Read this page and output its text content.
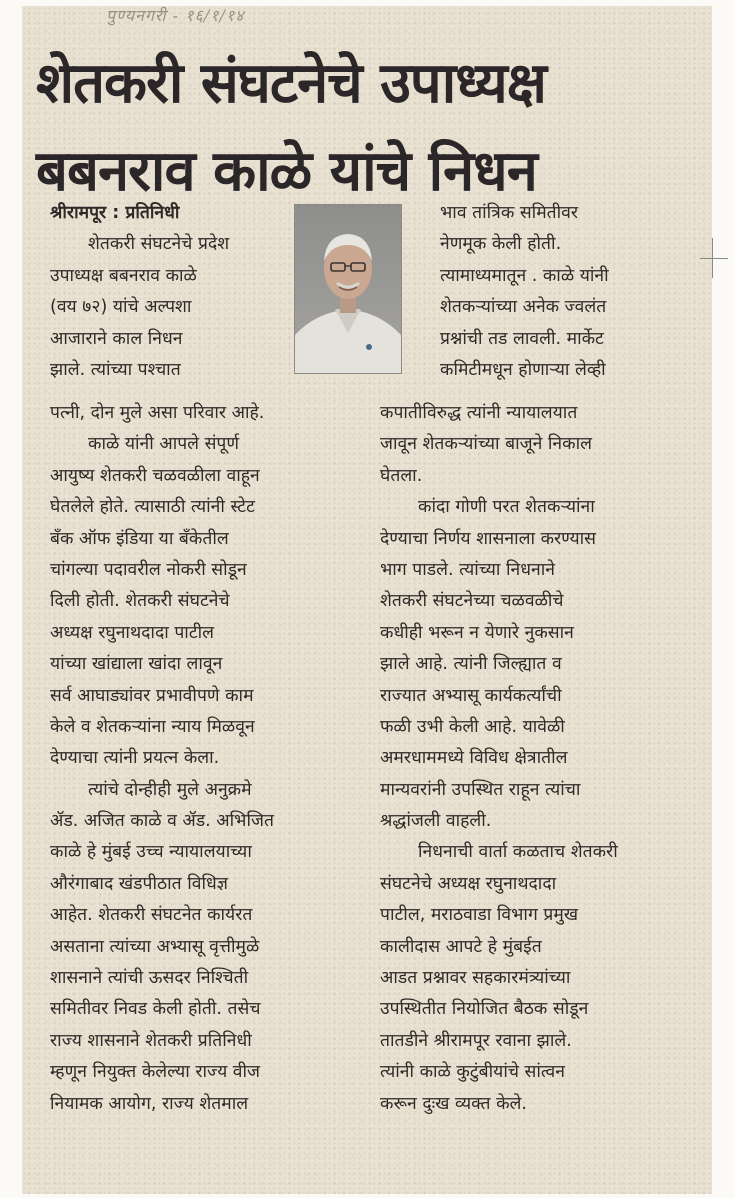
पुण्यनगरी - १६/१/१४
शेतकरी संघटनेचे उपाध्यक्ष
बबनराव काळे यांचे निधन
श्रीरामपूर : प्रतिनिधी
शेतकरी संघटनेचे प्रदेश
उपाध्यक्ष बबनराव काळे
(वय ७२) यांचे अल्पशा
आजाराने काल निधन
झाले. त्यांच्या पश्चात
पत्नी, दोन मुले असा परिवार आहे.
काळे यांनी आपले संपूर्ण
आयुष्य शेतकरी चळवळीला वाहून
घेतलेले होते. त्यासाठी त्यांनी स्टेट
बँक ऑफ इंडिया या बँकेतील
चांगल्या पदावरील नोकरी सोडून
दिली होती. शेतकरी संघटनेचे
अध्यक्ष रघुनाथदादा पाटील
यांच्या खांद्याला खांदा लावून
सर्व आघाड्यांवर प्रभावीपणे काम
केले व शेतकऱ्यांना न्याय मिळवून
देण्याचा त्यांनी प्रयत्न केला.
त्यांचे दोन्हीही मुले अनुक्रमे
ॲड. अजित काळे व ॲड. अभिजित
काळे हे मुंबई उच्च न्यायालयाच्या
औरंगाबाद खंडपीठात विधिज्ञ
आहेत. शेतकरी संघटनेत कार्यरत
असताना त्यांच्या अभ्यासू वृत्तीमुळे
शासनाने त्यांची ऊसदर निश्चिती
समितीवर निवड केली होती. तसेच
राज्य शासनाने शेतकरी प्रतिनिधी
म्हणून नियुक्त केलेल्या राज्य वीज
नियामक आयोग, राज्य शेतमाल
भाव तांत्रिक समितीवर
नेणमूक केली होती.
त्यामाध्यमातून . काळे यांनी
शेतकऱ्यांच्या अनेक ज्वलंत
प्रश्नांची तड लावली. मार्केट
कमिटीमधून होणाऱ्या लेव्ही
कपातीविरुद्ध त्यांनी न्यायालयात
जावून शेतकऱ्यांच्या बाजूने निकाल
घेतला.
कांदा गोणी परत शेतकऱ्यांना
देण्याचा निर्णय शासनाला करण्यास
भाग पाडले. त्यांच्या निधनाने
शेतकरी संघटनेच्या चळवळीचे
कधीही भरून न येणारे नुकसान
झाले आहे. त्यांनी जिल्ह्यात व
राज्यात अभ्यासू कार्यकर्त्यांची
फळी उभी केली आहे. यावेळी
अमरधाममध्ये विविध क्षेत्रातील
मान्यवरांनी उपस्थित राहून त्यांचा
श्रद्धांजली वाहली.
निधनाची वार्ता कळताच शेतकरी
संघटनेचे अध्यक्ष रघुनाथदादा
पाटील, मराठवाडा विभाग प्रमुख
कालीदास आपटे हे मुंबईत
आडत प्रश्नावर सहकारमंत्र्यांच्या
उपस्थितीत नियोजित बैठक सोडून
तातडीने श्रीरामपूर रवाना झाले.
त्यांनी काळे कुटुंबीयांचे सांत्वन
करून दुःख व्यक्त केले.
